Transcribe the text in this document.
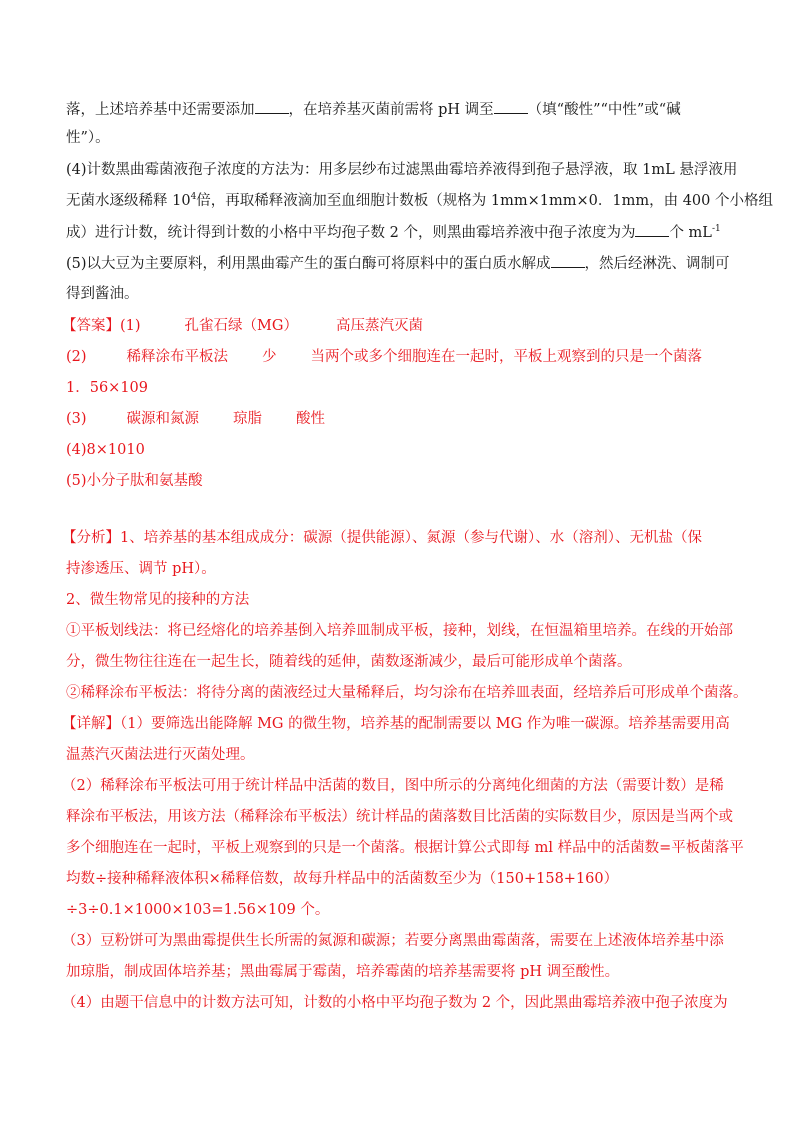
落，上述培养基中还需要添加 ，在培养基灭菌前需将 pH 调至 （填“酸性”“中性”或“碱
性”）。
(4)计数黑曲霉菌液孢子浓度的方法为：用多层纱布过滤黑曲霉培养液得到孢子悬浮液，取 1mL 悬浮液用
无菌水逐级稀释 $10^4$倍，再取稀释液滴加至血细胞计数板（规格为 1mm×1mm×0．1mm，由 400 个小格组
成）进行计数，统计得到计数的小格中平均孢子数 2 个，则黑曲霉培养液中孢子浓度为为 个 $mL^{-1}$
(5)以大豆为主要原料，利用黑曲霉产生的蛋白酶可将原料中的蛋白质水解成 ，然后经淋洗、调制可
得到酱油。
【答案】(1)	孔雀石绿（MG）	高压蒸汽灭菌
(2)	稀释涂布平板法 少 当两个或多个细胞连在一起时，平板上观察到的只是一个菌落
1．56×109
(3)	碳源和氮源 琼脂 酸性
(4)8×1010
(5)小分子肽和氨基酸
【分析】1、培养基的基本组成成分：碳源（提供能源）、氮源（参与代谢）、水（溶剂）、无机盐（保
持渗透压、调节 pH）。
2、微生物常见的接种的方法
①平板划线法：将已经熔化的培养基倒入培养皿制成平板，接种，划线，在恒温箱里培养。在线的开始部
分，微生物往往连在一起生长，随着线的延伸，菌数逐渐减少，最后可能形成单个菌落。
②稀释涂布平板法：将待分离的菌液经过大量稀释后，均匀涂布在培养皿表面，经培养后可形成单个菌落。
【详解】（1）要筛选出能降解 MG 的微生物，培养基的配制需要以 MG 作为唯一碳源。培养基需要用高
温蒸汽灭菌法进行灭菌处理。
（2）稀释涂布平板法可用于统计样品中活菌的数目，图中所示的分离纯化细菌的方法（需要计数）是稀
释涂布平板法，用该方法（稀释涂布平板法）统计样品的菌落数目比活菌的实际数目少，原因是当两个或
多个细胞连在一起时，平板上观察到的只是一个菌落。根据计算公式即每 ml 样品中的活菌数=平板菌落平
均数÷接种稀释液体积×稀释倍数，故每升样品中的活菌数至少为（150+158+160）
÷3÷0.1×1000×103=1.56×109 个。
（3）豆粉饼可为黑曲霉提供生长所需的氮源和碳源；若要分离黑曲霉菌落，需要在上述液体培养基中添
加琼脂，制成固体培养基；黑曲霉属于霉菌，培养霉菌的培养基需要将 pH 调至酸性。
（4）由题干信息中的计数方法可知，计数的小格中平均孢子数为 2 个，因此黑曲霉培养液中孢子浓度为
